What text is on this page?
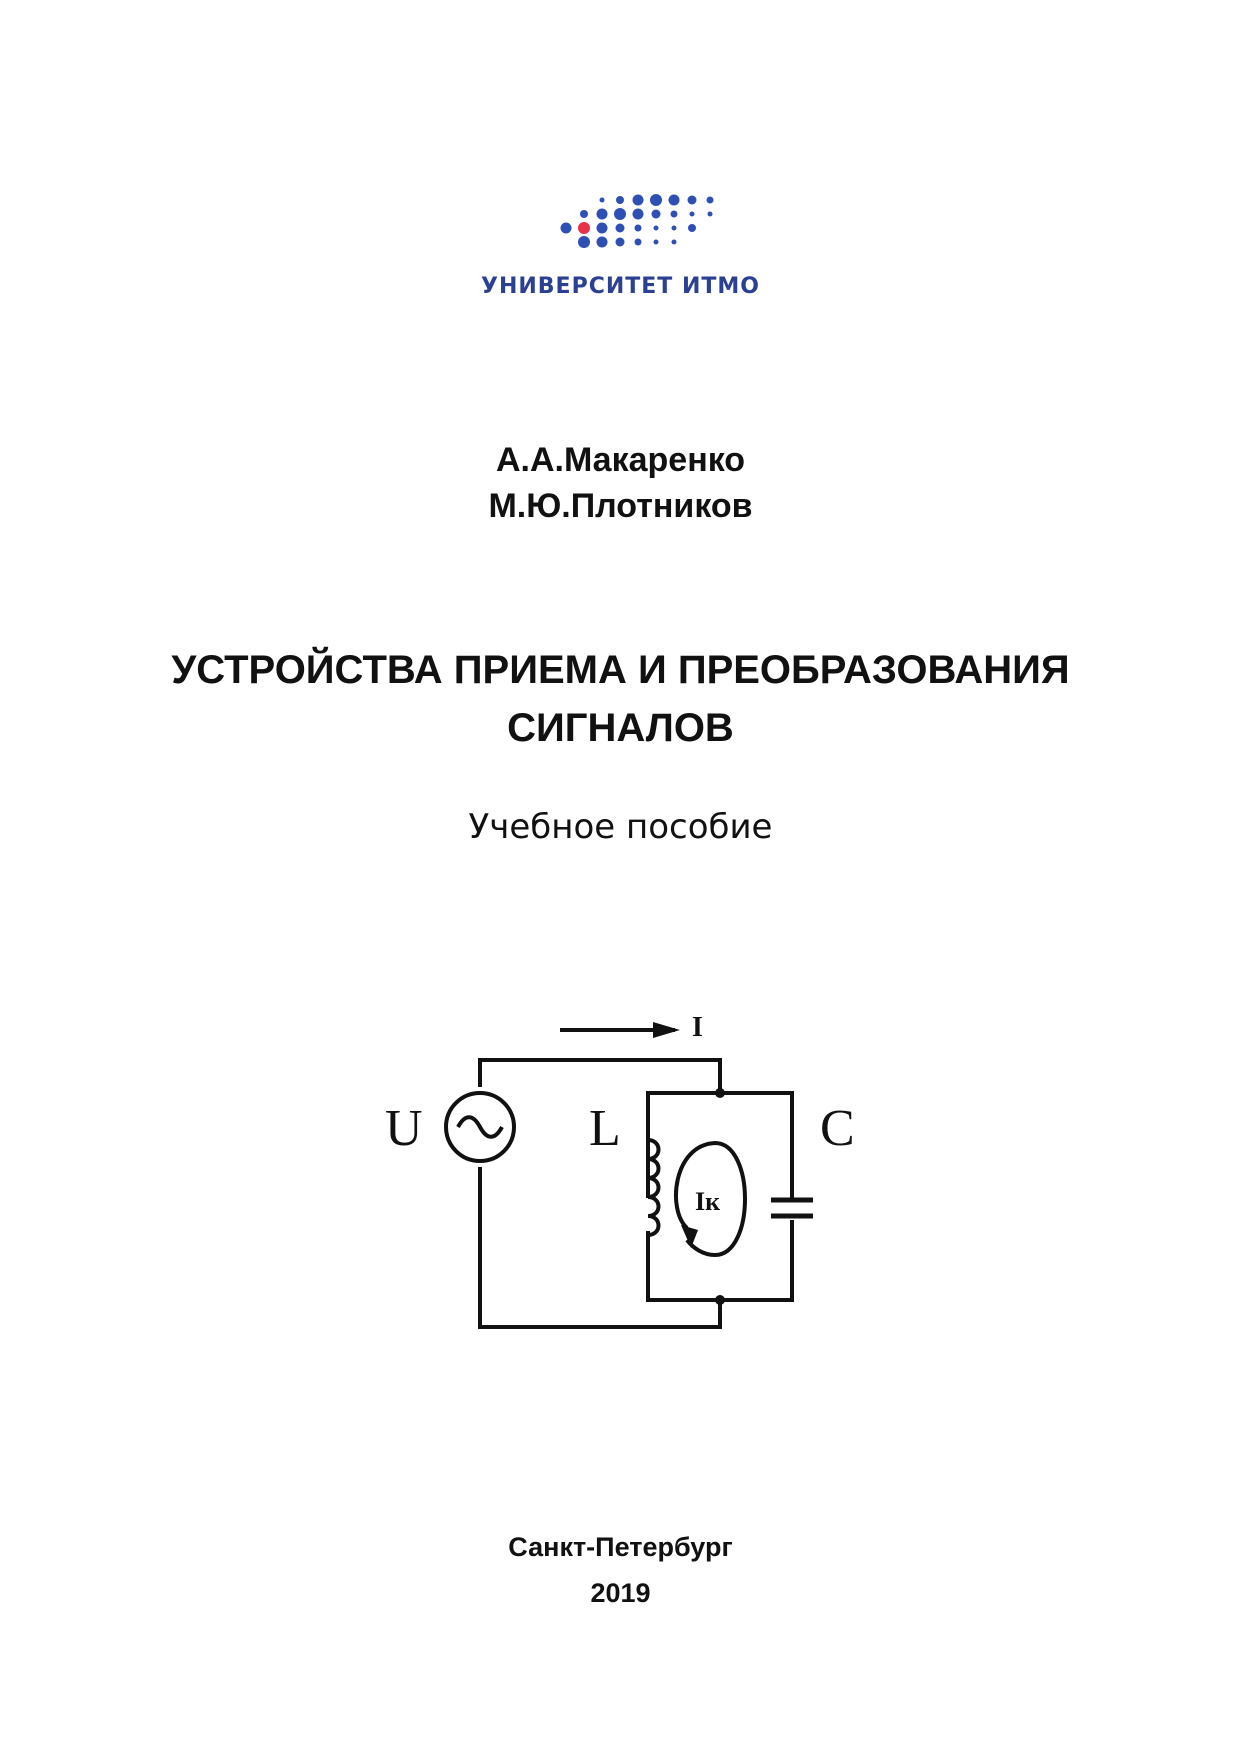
УНИВЕРСИТЕТ ИТМО
А.А.Макаренко
М.Ю.Плотников
УСТРОЙСТВА ПРИЕМА И ПРЕОБРАЗОВАНИЯ
СИГНАЛОВ
Учебное пособие
I
U	L
Iк
C
Санкт-Петербург
2019
